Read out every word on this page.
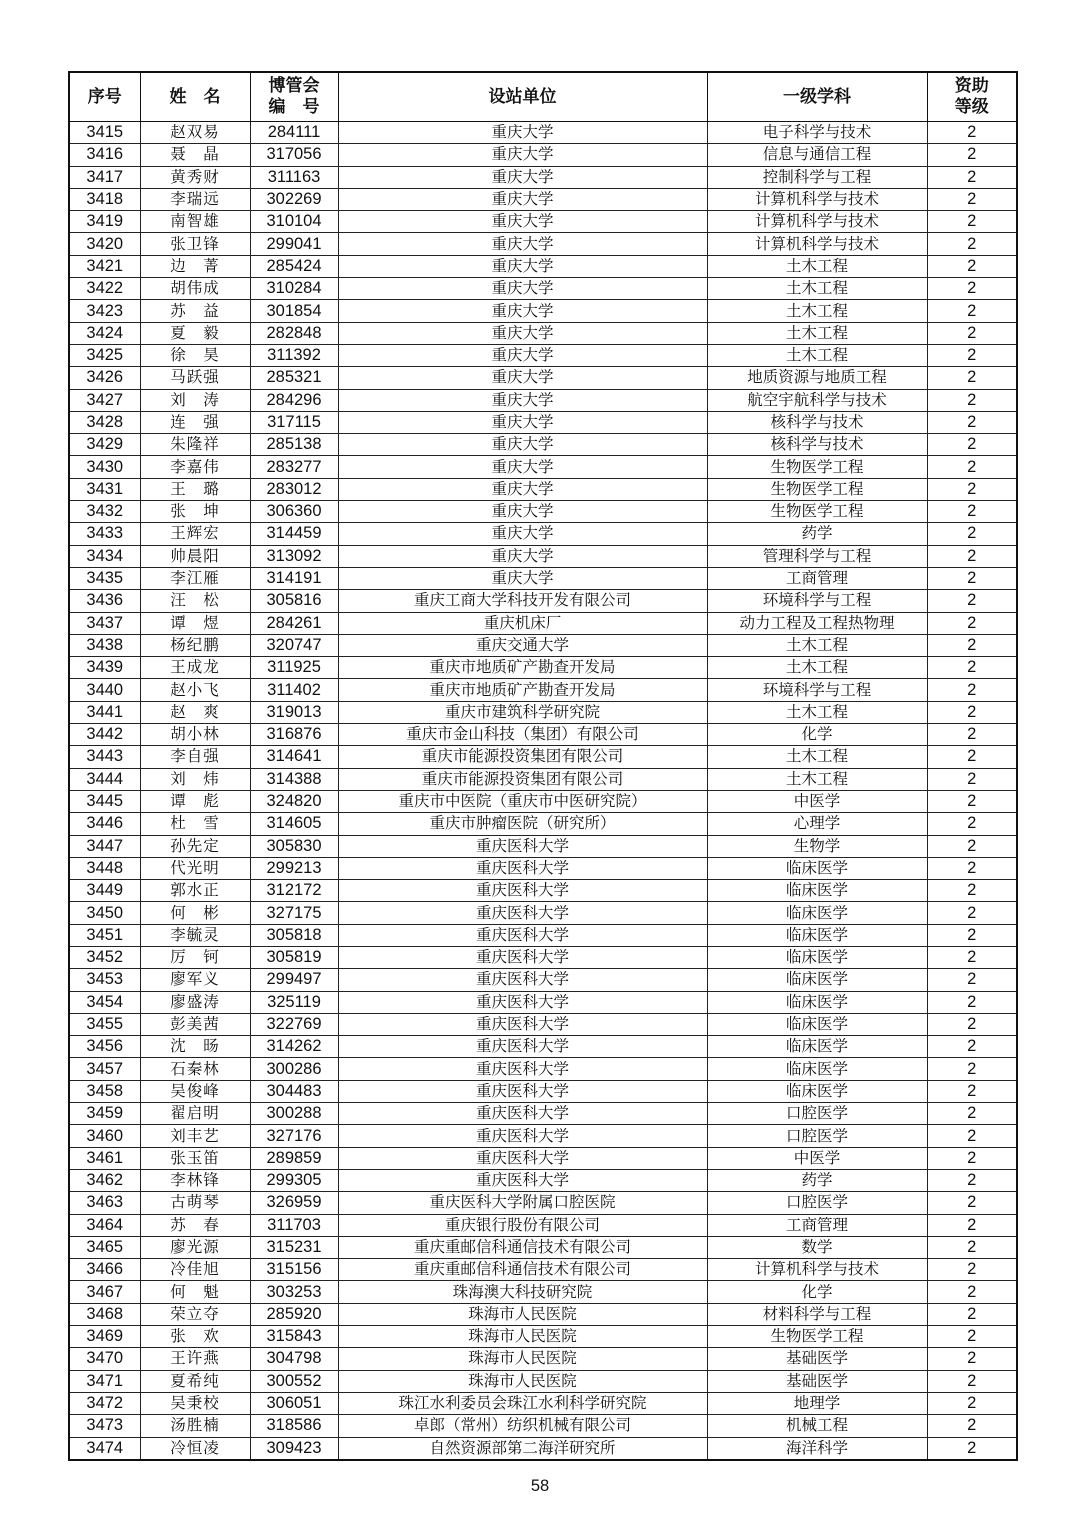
序号	姓　名	博管会
编　号	设站单位	一级学科	资助
等级

3415	赵双易	284111	重庆大学	电子科学与技术	2
3416	聂　晶	317056	重庆大学	信息与通信工程	2
3417	黄秀财	311163	重庆大学	控制科学与工程	2
3418	李瑞远	302269	重庆大学	计算机科学与技术	2
3419	南智雄	310104	重庆大学	计算机科学与技术	2
3420	张卫锋	299041	重庆大学	计算机科学与技术	2
3421	边　菁	285424	重庆大学	土木工程	2
3422	胡伟成	310284	重庆大学	土木工程	2
3423	苏　益	301854	重庆大学	土木工程	2
3424	夏　毅	282848	重庆大学	土木工程	2
3425	徐　昊	311392	重庆大学	土木工程	2
3426	马跃强	285321	重庆大学	地质资源与地质工程	2
3427	刘　涛	284296	重庆大学	航空宇航科学与技术	2
3428	连　强	317115	重庆大学	核科学与技术	2
3429	朱隆祥	285138	重庆大学	核科学与技术	2
3430	李嘉伟	283277	重庆大学	生物医学工程	2
3431	王　璐	283012	重庆大学	生物医学工程	2
3432	张　坤	306360	重庆大学	生物医学工程	2
3433	王辉宏	314459	重庆大学	药学	2
3434	帅晨阳	313092	重庆大学	管理科学与工程	2
3435	李江雁	314191	重庆大学	工商管理	2
3436	汪　松	305816	重庆工商大学科技开发有限公司	环境科学与工程	2
3437	谭　煜	284261	重庆机床厂	动力工程及工程热物理	2
3438	杨纪鹏	320747	重庆交通大学	土木工程	2
3439	王成龙	311925	重庆市地质矿产勘查开发局	土木工程	2
3440	赵小飞	311402	重庆市地质矿产勘查开发局	环境科学与工程	2
3441	赵　爽	319013	重庆市建筑科学研究院	土木工程	2
3442	胡小林	316876	重庆市金山科技（集团）有限公司	化学	2
3443	李自强	314641	重庆市能源投资集团有限公司	土木工程	2
3444	刘　炜	314388	重庆市能源投资集团有限公司	土木工程	2
3445	谭　彪	324820	重庆市中医院（重庆市中医研究院）	中医学	2
3446	杜　雪	314605	重庆市肿瘤医院（研究所）	心理学	2
3447	孙先定	305830	重庆医科大学	生物学	2
3448	代光明	299213	重庆医科大学	临床医学	2
3449	郭水正	312172	重庆医科大学	临床医学	2
3450	何　彬	327175	重庆医科大学	临床医学	2
3451	李毓灵	305818	重庆医科大学	临床医学	2
3452	厉　钶	305819	重庆医科大学	临床医学	2
3453	廖军义	299497	重庆医科大学	临床医学	2
3454	廖盛涛	325119	重庆医科大学	临床医学	2
3455	彭美茜	322769	重庆医科大学	临床医学	2
3456	沈　旸	314262	重庆医科大学	临床医学	2
3457	石秦林	300286	重庆医科大学	临床医学	2
3458	吴俊峰	304483	重庆医科大学	临床医学	2
3459	翟启明	300288	重庆医科大学	口腔医学	2
3460	刘丰艺	327176	重庆医科大学	口腔医学	2
3461	张玉笛	289859	重庆医科大学	中医学	2
3462	李林锋	299305	重庆医科大学	药学	2
3463	古萌琴	326959	重庆医科大学附属口腔医院	口腔医学	2
3464	苏　春	311703	重庆银行股份有限公司	工商管理	2
3465	廖光源	315231	重庆重邮信科通信技术有限公司	数学	2
3466	冷佳旭	315156	重庆重邮信科通信技术有限公司	计算机科学与技术	2
3467	何　魁	303253	珠海澳大科技研究院	化学	2
3468	荣立夺	285920	珠海市人民医院	材料科学与工程	2
3469	张　欢	315843	珠海市人民医院	生物医学工程	2
3470	王许燕	304798	珠海市人民医院	基础医学	2
3471	夏希纯	300552	珠海市人民医院	基础医学	2
3472	吴秉校	306051	珠江水利委员会珠江水利科学研究院	地理学	2
3473	汤胜楠	318586	卓郎（常州）纺织机械有限公司	机械工程	2
3474	冷恒凌	309423	自然资源部第二海洋研究所	海洋科学	2
58
